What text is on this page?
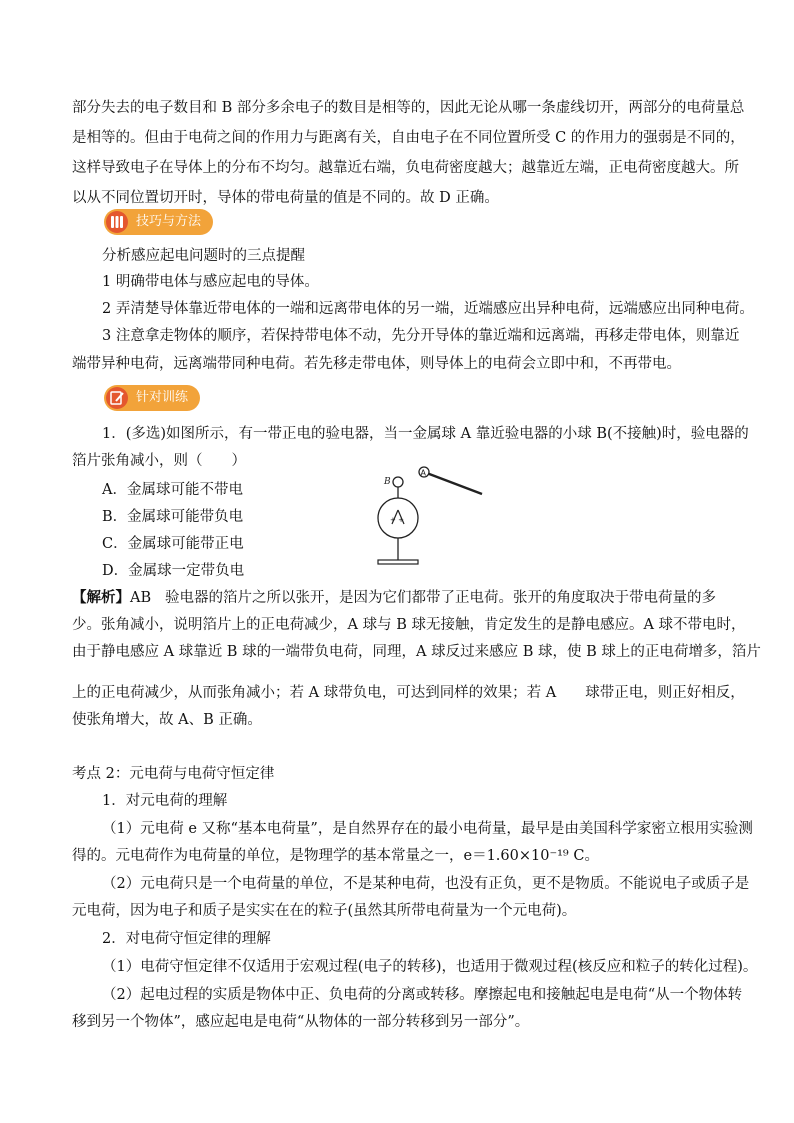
部分失去的电子数目和 B 部分多余电子的数目是相等的，因此无论从哪一条虚线切开，两部分的电荷量总
是相等的。但由于电荷之间的作用力与距离有关，自由电子在不同位置所受 C 的作用力的强弱是不同的，
这样导致电子在导体上的分布不均匀。越靠近右端，负电荷密度越大；越靠近左端，正电荷密度越大。所
以从不同位置切开时，导体的带电荷量的值是不同的。故 D 正确。
技巧与方法
分析感应起电问题时的三点提醒
1 明确带电体与感应起电的导体。
2 弄清楚导体靠近带电体的一端和远离带电体的另一端，近端感应出异种电荷，远端感应出同种电荷。
3 注意拿走物体的顺序，若保持带电体不动，先分开导体的靠近端和远离端，再移走带电体，则靠近
端带异种电荷，远离端带同种电荷。若先移走带电体，则导体上的电荷会立即中和，不再带电。
针对训练
1．(多选)如图所示，有一带正电的验电器，当一金属球 A 靠近验电器的小球 B(不接触)时，验电器的
箔片张角减小，则（　　）
A．金属球可能不带电
B．金属球可能带负电
C．金属球可能带正电
D．金属球一定带负电
A
B
+ +
【解析】AB 验电器的箔片之所以张开，是因为它们都带了正电荷。张开的角度取决于带电荷量的多
少。张角减小，说明箔片上的正电荷减少，A 球与 B 球无接触，肯定发生的是静电感应。A 球不带电时，
由于静电感应 A 球靠近 B 球的一端带负电荷，同理，A 球反过来感应 B 球，使 B 球上的正电荷增多，箔片
上的正电荷减少，从而张角减小；若 A 球带负电，可达到同样的效果；若 A　　球带正电，则正好相反，
使张角增大，故 A、B 正确。
考点 2：元电荷与电荷守恒定律
1．对元电荷的理解
（1）元电荷 e 又称“基本电荷量”，是自然界存在的最小电荷量，最早是由美国科学家密立根用实验测
得的。元电荷作为电荷量的单位，是物理学的基本常量之一，e＝1.60×10⁻¹⁹ C。
（2）元电荷只是一个电荷量的单位，不是某种电荷，也没有正负，更不是物质。不能说电子或质子是
元电荷，因为电子和质子是实实在在的粒子(虽然其所带电荷量为一个元电荷)。
2．对电荷守恒定律的理解
（1）电荷守恒定律不仅适用于宏观过程(电子的转移)，也适用于微观过程(核反应和粒子的转化过程)。
（2）起电过程的实质是物体中正、负电荷的分离或转移。摩擦起电和接触起电是电荷“从一个物体转
移到另一个物体”，感应起电是电荷“从物体的一部分转移到另一部分”。
